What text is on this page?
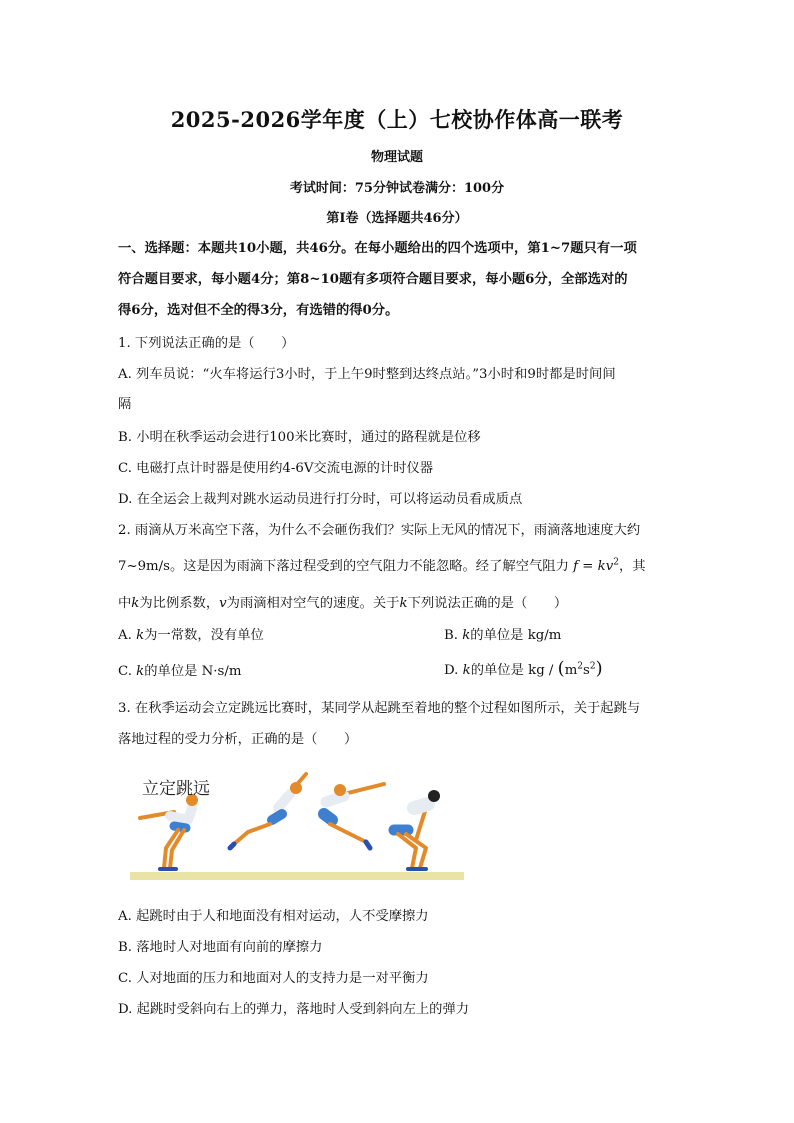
2025-2026学年度（上）七校协作体高一联考
物理试题
考试时间：75分钟试卷满分：100分
第Ⅰ卷（选择题共46分）
一、选择题：本题共10小题，共46分。在每小题给出的四个选项中，第1~7题只有一项
符合题目要求，每小题4分；第8~10题有多项符合题目要求，每小题6分，全部选对的
得6分，选对但不全的得3分，有选错的得0分。
1. 下列说法正确的是（　　）
A. 列车员说：“火车将运行3小时，于上午9时整到达终点站。”3小时和9时都是时间间
隔
B. 小明在秋季运动会进行100米比赛时，通过的路程就是位移
C. 电磁打点计时器是使用约4-6V交流电源的计时仪器
D. 在全运会上裁判对跳水运动员进行打分时，可以将运动员看成质点
2. 雨滴从万米高空下落，为什么不会砸伤我们？实际上无风的情况下，雨滴落地速度大约
7~9m/s。这是因为雨滴下落过程受到的空气阻力不能忽略。经了解空气阻力 $f = kv^2$，其
中k为比例系数，v为雨滴相对空气的速度。关于k下列说法正确的是（　　）
A. k为一常数，没有单位	B. k的单位是 kg/m
C. k的单位是 N·s/m	D. k的单位是 kg / $(m^2s^2)$
3. 在秋季运动会立定跳远比赛时，某同学从起跳至着地的整个过程如图所示，关于起跳与
落地过程的受力分析，正确的是（　　）
立定跳远
A. 起跳时由于人和地面没有相对运动，人不受摩擦力
B. 落地时人对地面有向前的摩擦力
C. 人对地面的压力和地面对人的支持力是一对平衡力
D. 起跳时受斜向右上的弹力，落地时人受到斜向左上的弹力
